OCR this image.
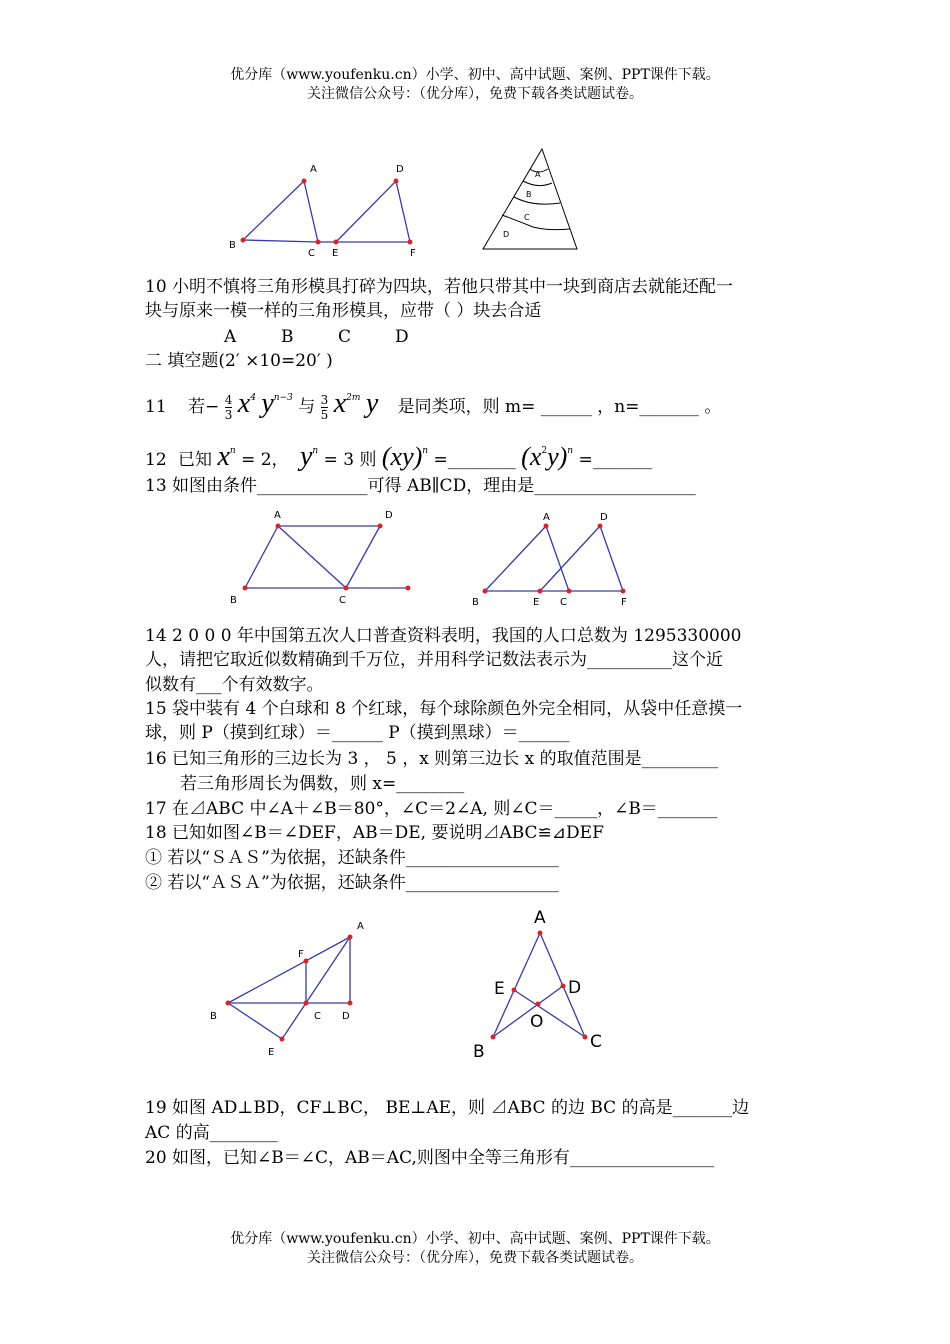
优分库（www.youfenku.cn）小学、初中、高中试题、案例、PPT课件下载。
关注微信公众号：（优分库），免费下载各类试题试卷。
A	D
B
C E	F
A
B
C
D
10 小明不慎将三角形模具打碎为四块，若他只带其中一块到商店去就能还配一
块与原来一模一样的三角形模具，应带（ ）块去合适
A	B	C	D
二 填空题(2′ ×10=20′ )
11 若− $\frac{4}{3} x^4$ $y^{n-3}$ 与 $\frac{3}{5} x^{2m}$ y 是同类项，则 m= ______ ，n=_______ 。
12 已知 $x^n = 2$， $y^n = 3$ 则 (xy)$^n$ =________ $(x^2y)^n$ =_______
13 如图由条件_____________可得 AB∥CD，理由是___________________
A	D
B	C
A	D
B	E C	F
14 2 0 0 0 年中国第五次人口普查资料表明，我国的人口总数为 1295330000
人，请把它取近似数精确到千万位，并用科学记数法表示为__________这个近
似数有___个有效数字。
15 袋中装有 4 个白球和 8 个红球，每个球除颜色外完全相同，从袋中任意摸一
球，则 P（摸到红球）＝______ P（摸到黑球）＝______
16 已知三角形的三边长为 3 ， 5 ，x 则第三边长 x 的取值范围是_________
若三角形周长为偶数，则 x=________
17 在⊿ABC 中∠A＋∠B＝80°，∠C＝2∠A, 则∠C＝_____，∠B＝_______
18 已知如图∠B＝∠DEF，AB＝DE, 要说明⊿ABC≌⊿DEF
① 若以“ＳＡＳ”为依据，还缺条件__________________
② 若以“ＡＳＡ”为依据，还缺条件__________________
A
F
B	C D
E
A
E	D
O
B	C
19 如图 AD⊥BD，CF⊥BC， BE⊥AE，则 ⊿ABC 的边 BC 的高是_______边
AC 的高________
20 如图，已知∠B＝∠C，AB＝AC,则图中全等三角形有_________________
优分库（www.youfenku.cn）小学、初中、高中试题、案例、PPT课件下载。
关注微信公众号：（优分库），免费下载各类试题试卷。
